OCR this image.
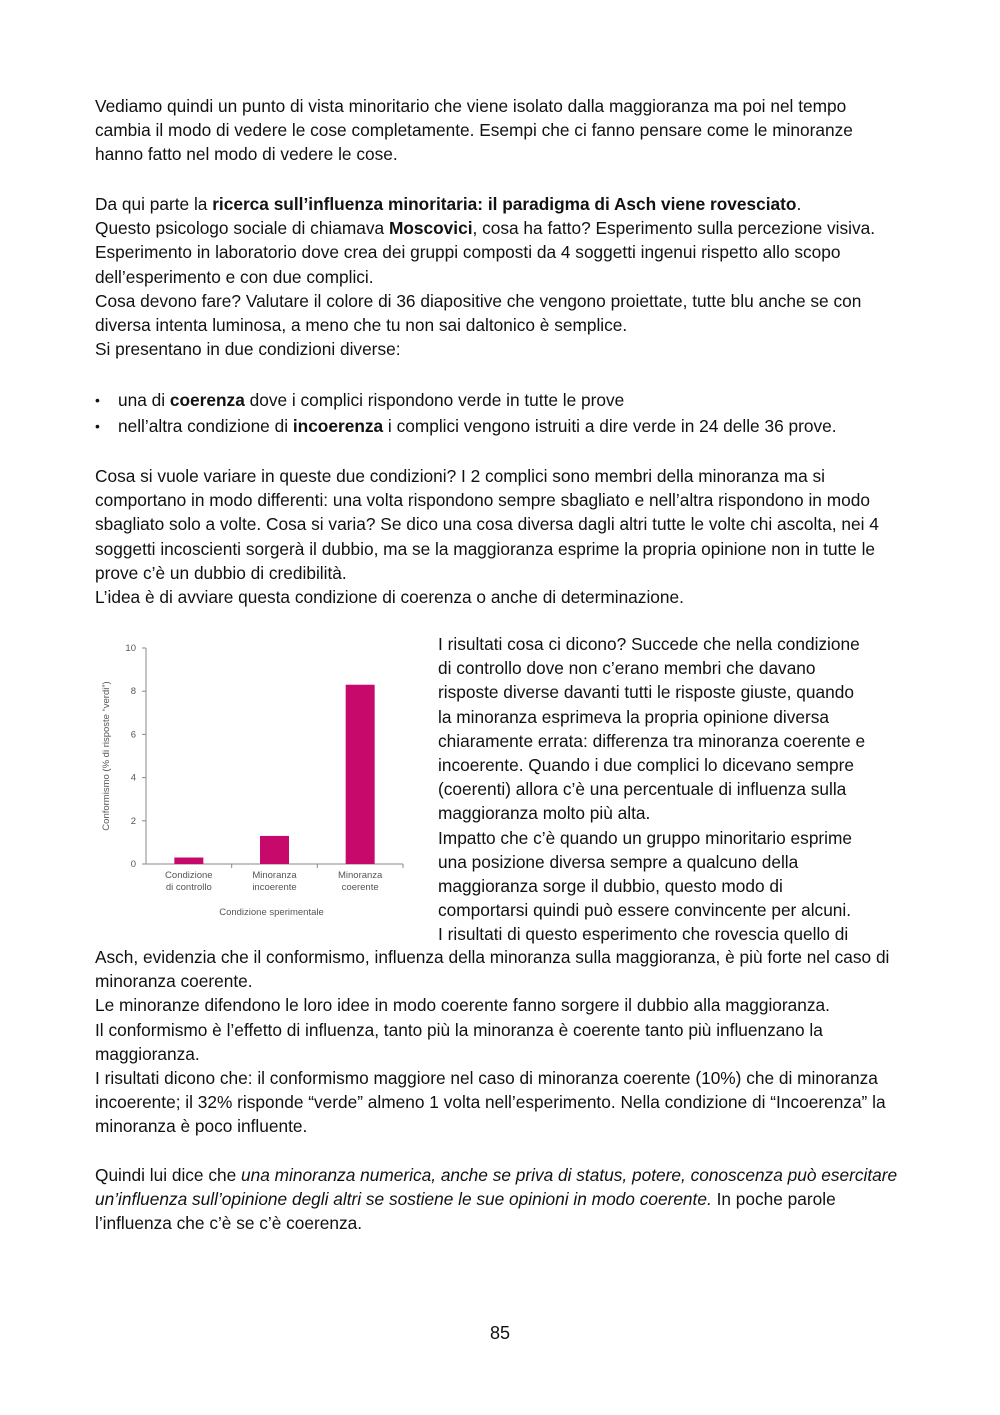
Vediamo quindi un punto di vista minoritario che viene isolato dalla maggioranza ma poi nel tempo cambia il modo di vedere le cose completamente. Esempi che ci fanno pensare come le minoranze hanno fatto nel modo di vedere le cose.

Da qui parte la ricerca sull’influenza minoritaria: il paradigma di Asch viene rovesciato.
Questo psicologo sociale di chiamava Moscovici, cosa ha fatto? Esperimento sulla percezione visiva.
Esperimento in laboratorio dove crea dei gruppi composti da 4 soggetti ingenui rispetto allo scopo dell’esperimento e con due complici.
Cosa devono fare? Valutare il colore di 36 diapositive che vengono proiettate, tutte blu anche se con diversa intenta luminosa, a meno che tu non sai daltonico è semplice.
Si presentano in due condizioni diverse:

• una di coerenza dove i complici rispondono verde in tutte le prove
• nell’altra condizione di incoerenza i complici vengono istruiti a dire verde in 24 delle 36 prove.

Cosa si vuole variare in queste due condizioni? I 2 complici sono membri della minoranza ma si comportano in modo differenti: una volta rispondono sempre sbagliato e nell’altra rispondono in modo sbagliato solo a volte. Cosa si varia? Se dico una cosa diversa dagli altri tutte le volte chi ascolta, nei 4 soggetti incoscienti sorgerà il dubbio, ma se la maggioranza esprime la propria opinione non in tutte le prove c’è un dubbio di credibilità.
L’idea è di avviare questa condizione di coerenza o anche di determinazione.

0
2
4
6
8
10
Condizione
di controllo
Minoranza
incoerente
Minoranza
coerente
Condizione sperimentale
Conformismo (% di risposte “verdi”)
I risultati cosa ci dicono? Succede che nella condizione
di controllo dove non c’erano membri che davano
risposte diverse davanti tutti le risposte giuste, quando
la minoranza esprimeva la propria opinione diversa
chiaramente errata: differenza tra minoranza coerente e
incoerente. Quando i due complici lo dicevano sempre
(coerenti) allora c’è una percentuale di influenza sulla
maggioranza molto più alta.
Impatto che c’è quando un gruppo minoritario esprime
una posizione diversa sempre a qualcuno della
maggioranza sorge il dubbio, questo modo di
comportarsi quindi può essere convincente per alcuni.
I risultati di questo esperimento che rovescia quello di
Asch, evidenzia che il conformismo, influenza della minoranza sulla maggioranza, è più forte nel caso di minoranza coerente.
Le minoranze difendono le loro idee in modo coerente fanno sorgere il dubbio alla maggioranza.
Il conformismo è l’effetto di influenza, tanto più la minoranza è coerente tanto più influenzano la maggioranza.
I risultati dicono che: il conformismo maggiore nel caso di minoranza coerente (10%) che di minoranza incoerente; il 32% risponde “verde” almeno 1 volta nell’esperimento. Nella condizione di “Incoerenza” la minoranza è poco influente.

Quindi lui dice che una minoranza numerica, anche se priva di status, potere, conoscenza può esercitare un’influenza sull’opinione degli altri se sostiene le sue opinioni in modo coerente. In poche parole l’influenza che c’è se c’è coerenza.

85
